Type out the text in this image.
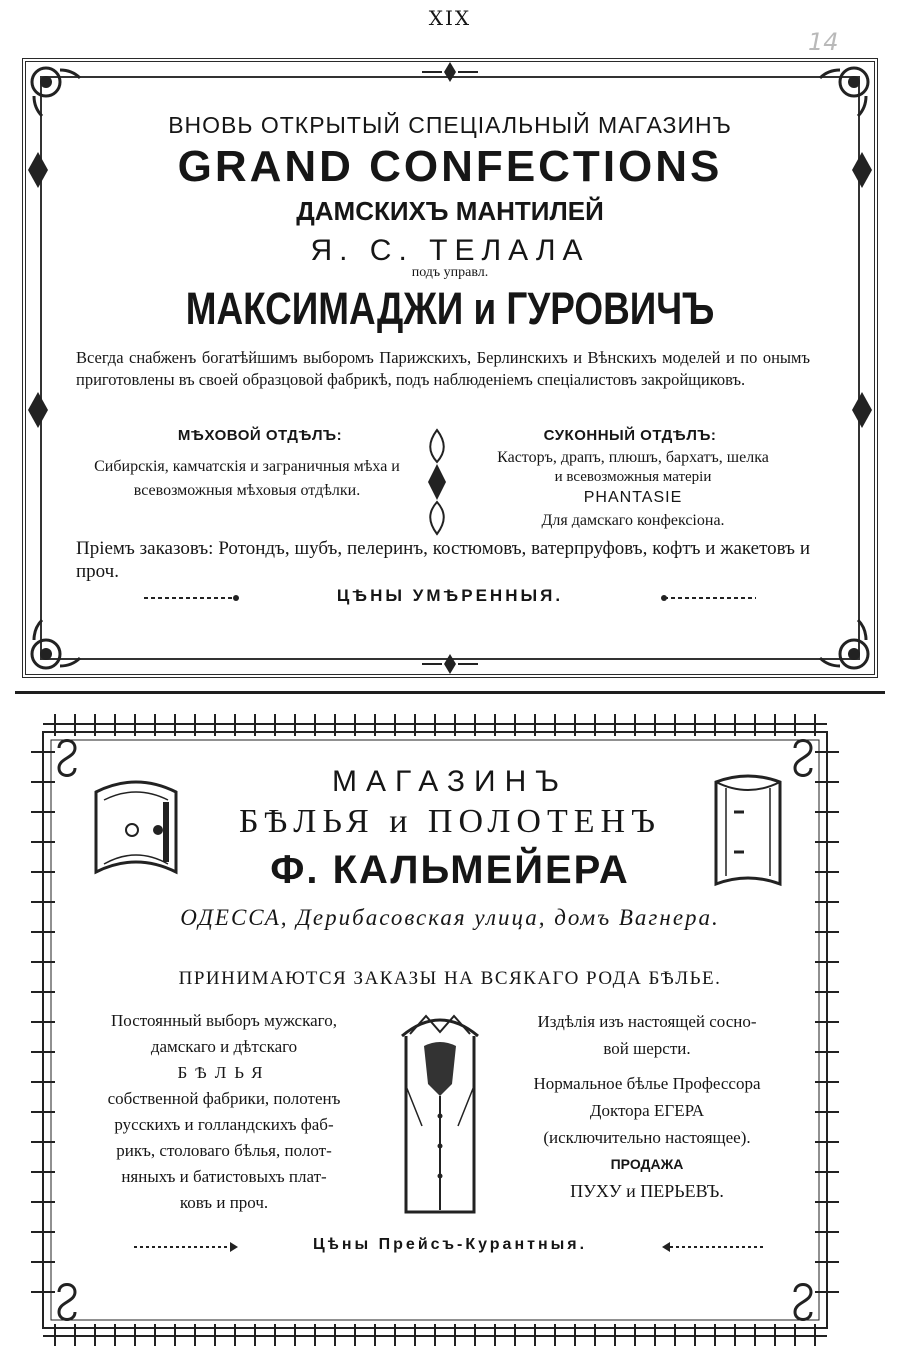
XIX
14
ВНОВЬ ОТКРЫТЫЙ СПЕЦІАЛЬНЫЙ МАГАЗИНЪ
GRAND CONFECTIONS
ДАМСКИХЪ МАНТИЛЕЙ
Я. С. ТЕЛАЛА
подъ управл.
МАКСИМАДЖИ и ГУРОВИЧЪ
Всегда снабженъ богатѣйшимъ выборомъ Парижскихъ, Берлинскихъ и Вѣнскихъ моделей и по онымъ приготовлены въ своей образцовой фабрикѣ, подъ наблюденіемъ спеціалистовъ закройщиковъ.
МѢХОВОЙ ОТДѢЛЪ:
Сибирскія, камчатскія и заграничныя мѣха и всевозможныя мѣховыя отдѣлки.
СУКОННЫЙ ОТДѢЛЪ:
Касторъ, драпъ, плюшъ, бархатъ, шелка
и всевозможныя матеріи
PHANTASIE
Для дамскаго конфексіона.
Пріемъ заказовъ: Ротондъ, шубъ, пелеринъ, костюмовъ, ватерпруфовъ, кофтъ и жакетовъ и проч.
ЦѢНЫ УМѢРЕННЫЯ.
МАГАЗИНЪ
БѢЛЬЯ и ПОЛОТЕНЪ
Ф. КАЛЬМЕЙЕРА
ОДЕССА, Дерибасовская улица, домъ Вагнера.
ПРИНИМАЮТСЯ ЗАКАЗЫ НА ВСЯКАГО РОДА БѢЛЬЕ.
Постоянный выборъ мужскаго,
дамскаго и дѣтскаго
БѢЛЬЯ
собственной фабрики, полотенъ
русскихъ и голландскихъ фаб-
рикъ, столоваго бѣлья, полот-
няныхъ и батистовыхъ плат-
ковъ и проч.
Издѣлія изъ настоящей сосно-
вой шерсти.
Нормальное бѣлье Профессора
Доктора ЕГЕРА
(исключительно настоящее).
ПРОДАЖА
ПУХУ и ПЕРЬЕВЪ.
Цѣны Прейсъ-Курантныя.
